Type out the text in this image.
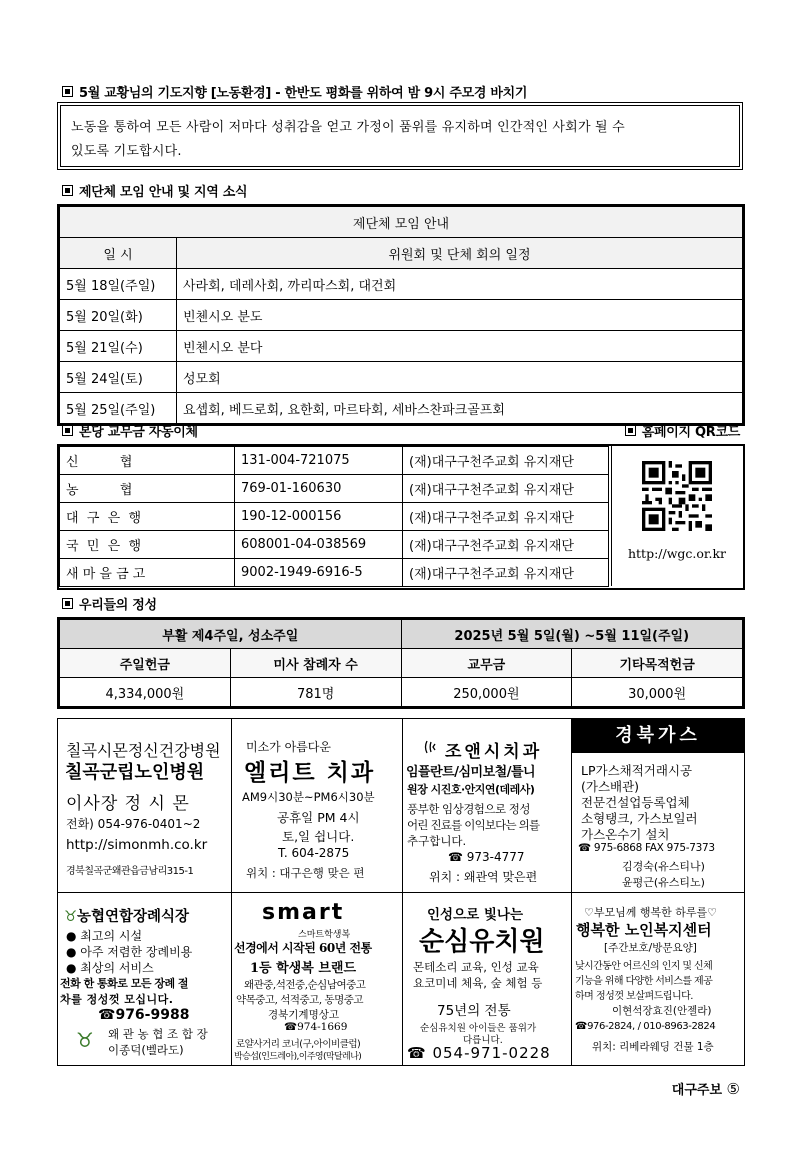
5월 교황님의 기도지향 [노동환경] - 한반도 평화를 위하여 밤 9시 주모경 바치기
노동을 통하여 모든 사람이 저마다 성취감을 얻고 가정이 품위를 유지하며 인간적인 사회가 될 수
있도록 기도합시다.
제단체 모임 안내 및 지역 소식
제단체 모임 안내	
일 시	위원회 및 단체 회의 일정
5월 18일(주일)	사라회, 데레사회, 까리따스회, 대건회
5월 20일(화)	빈첸시오 분도
5월 21일(수)	빈첸시오 분다
5월 24일(토)	성모회
5월 25일(주일)	요셉회, 베드로회, 요한회, 마르타회, 세바스찬파크골프회
본당 교무금 자동이체	홈페이지 QR코드
신          협	131-004-721075	(재)대구구천주교회 유지재단
농          협	769-01-160630	(재)대구구천주교회 유지재단
대  구  은  행	190-12-000156	(재)대구구천주교회 유지재단
국  민  은  행	608001-04-038569	(재)대구구천주교회 유지재단
새 마 을 금 고	9002-1949-6916-5	(재)대구구천주교회 유지재단
http://wgc.or.kr
우리들의 정성
부활 제4주일, 성소주일		2025년 5월 5일(월) ~5월 11일(주일)	
주일헌금	미사 참례자 수	교무금	기타목적헌금
4,334,000원	781명	250,000원	30,000원
칠곡시몬정신건강병원
칠곡군립노인병원
이사장 정 시 몬
전화) 054-976-0401~2
http://simonmh.co.kr
경북칠곡군왜관읍금남리315-1
미소가 아름다운
엘리트 치과
AM9시30분~PM6시30분
공휴일 PM 4시
토,일 쉽니다.
T. 604-2875
위치 : 대구은행 맞은 편
조앤시치과
임플란트/심미보철/틀니
원장 시진호·안지연(데레사)
풍부한 임상경험으로 정성
어린 진료를 이익보다는 의를
추구합니다.
☎ 973-4777
위치 : 왜관역 맞은편
경북가스
LP가스채적거래시공
(가스배관)
전문건설업등록업체
소형탱크, 가스보일러
가스온수기 설치
☎ 975-6868 FAX 975-7373
김경숙(유스티나)
윤평근(유스티노)
♉농협연합장례식장
● 최고의 시설
● 아주 저렴한 장례비용
● 최상의 서비스
전화 한 통화로 모든 장례 절
차를 정성껏 모십니다.
☎976-9988
♉ 왜 관 농 협 조 합 장
이종덕(벨라도)
smart
스마트학생복
선경에서 시작된 60년 전통
1등 학생복 브랜드
왜관중,석전중,순심남여중고
약목중고, 석적중고, 동명중고
경북기계명상고
☎974-1669
로얄사거리 코너(구,아이비클럽)
박승섭(인드레아),이주영(막달레나)
인성으로 빛나는
순심유치원
몬테소리 교육, 인성 교육
요코미네 체육, 숲 체험 등
75년의 전통
순심유치원 아이들은 품위가
다릅니다.
☎ 054-971-0228
♡부모님께 행복한 하루를♡
행복한 노인복지센터
[주간보호/방문요양]
낮시간동안 어르신의 인지 및 신체
기능을 위해 다양한 서비스를 제공
하며 정성껏 보살펴드립니다.
이현석장효진(안젤라)
☎976-2824, / 010-8963-2824
위치: 리베라웨딩 건물 1층
대구주보 ⑤
